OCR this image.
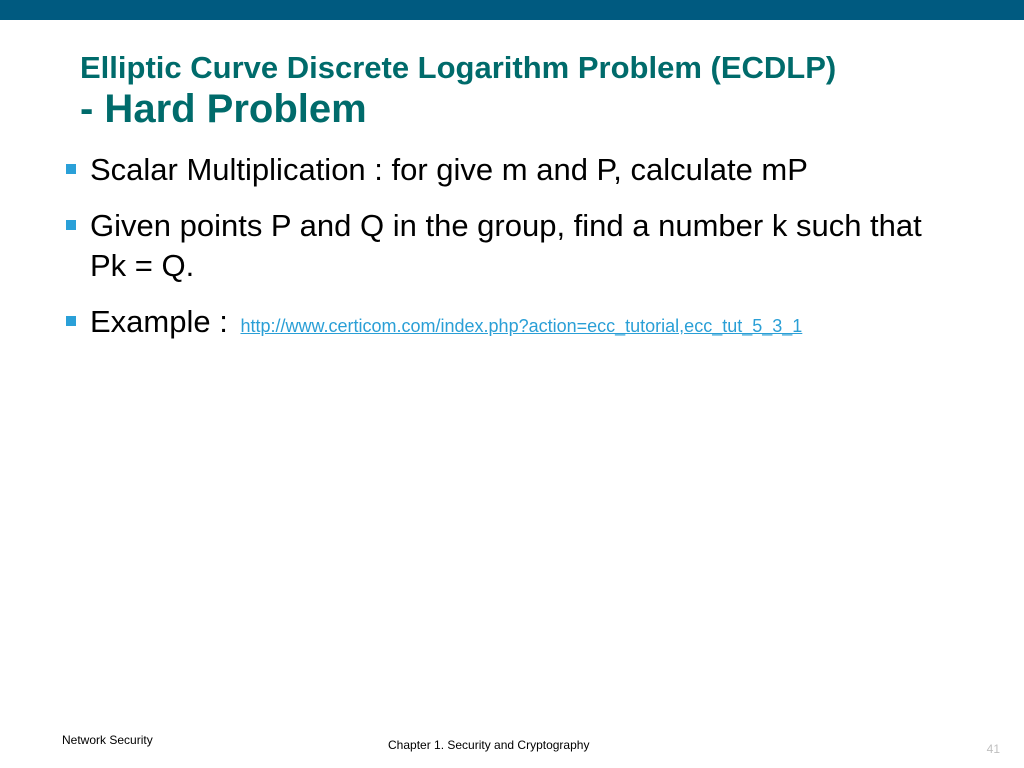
Elliptic Curve Discrete Logarithm Problem (ECDLP)
- Hard Problem
Scalar Multiplication : for give m and P, calculate mP
Given points P and Q in the group, find a number k such that Pk = Q.
Example : http://www.certicom.com/index.php?action=ecc_tutorial,ecc_tut_5_3_1
Network Security	Chapter 1. Security and Cryptography	41
